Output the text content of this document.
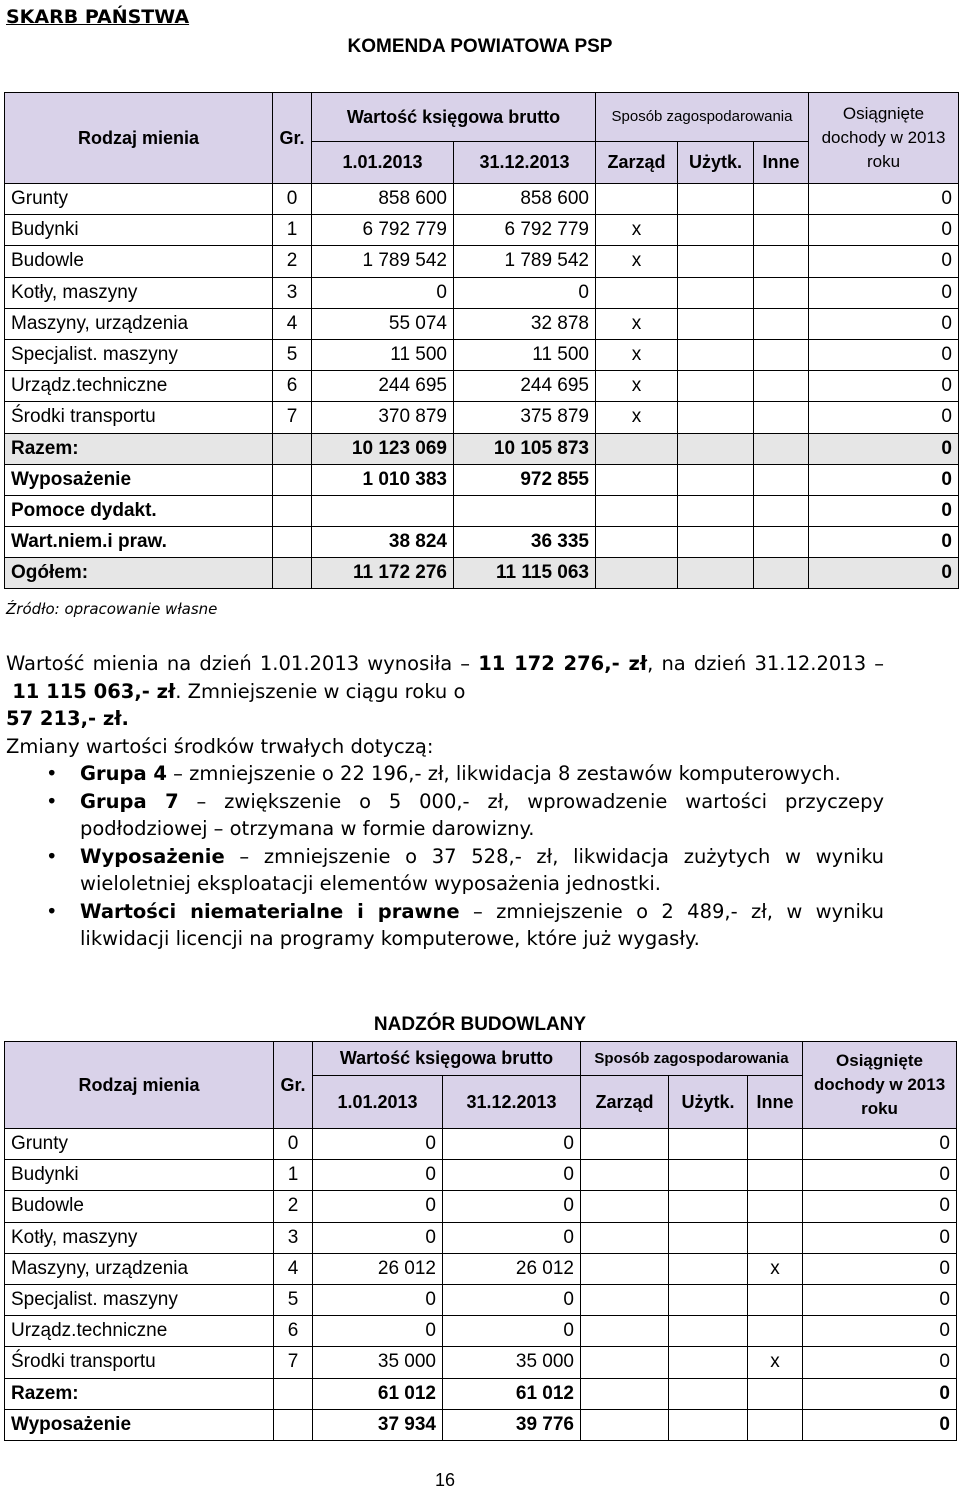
SKARB PAŃSTWA
KOMENDA POWIATOWA PSP
Rodzaj mienia	Gr.	Wartość księgowa brutto		Sposób zagospodarowania			Osiągnięte dochody w 2013 roku
		1.01.2013	31.12.2013	Zarząd	Użytk.	Inne	
Grunty	0	858 600	858 600				0
Budynki	1	6 792 779	6 792 779	x			0
Budowle	2	1 789 542	1 789 542	x			0
Kotły, maszyny	3	0	0				0
Maszyny, urządzenia	4	55 074	32 878	x			0
Specjalist. maszyny	5	11 500	11 500	x			0
Urządz.techniczne	6	244 695	244 695	x			0
Środki transportu	7	370 879	375 879	x			0
Razem:		10 123 069	10 105 873				0
Wyposażenie		1 010 383	972 855				0
Pomoce dydakt.							0
Wart.niem.i praw.		38 824	36 335				0
Ogółem:		11 172 276	11 115 063				0
Źródło: opracowanie własne
Wartość mienia na dzień 1.01.2013 wynosiła – 11 172 276,- zł, na dzień 31.12.2013 – 11 115 063,- zł. Zmniejszenie w ciągu roku o
57 213,- zł.
Zmiany wartości środków trwałych dotyczą:
• Grupa 4 – zmniejszenie o 22 196,- zł, likwidacja 8 zestawów komputerowych.
• Grupa 7 – zwiększenie o 5 000,- zł, wprowadzenie wartości przyczepy podłodziowej – otrzymana w formie darowizny.
• Wyposażenie – zmniejszenie o 37 528,- zł, likwidacja zużytych w wyniku wieloletniej eksploatacji elementów wyposażenia jednostki.
• Wartości niematerialne i prawne – zmniejszenie o 2 489,- zł, w wyniku likwidacji licencji na programy komputerowe, które już wygasły.
NADZÓR BUDOWLANY
Rodzaj mienia	Gr.	Wartość księgowa brutto		Sposób zagospodarowania			Osiągnięte dochody w 2013 roku
		1.01.2013	31.12.2013	Zarząd	Użytk.	Inne	
Grunty	0	0	0				0
Budynki	1	0	0				0
Budowle	2	0	0				0
Kotły, maszyny	3	0	0				0
Maszyny, urządzenia	4	26 012	26 012			x	0
Specjalist. maszyny	5	0	0				0
Urządz.techniczne	6	0	0				0
Środki transportu	7	35 000	35 000			x	0
Razem:		61 012	61 012				0
Wyposażenie		37 934	39 776				0
16
